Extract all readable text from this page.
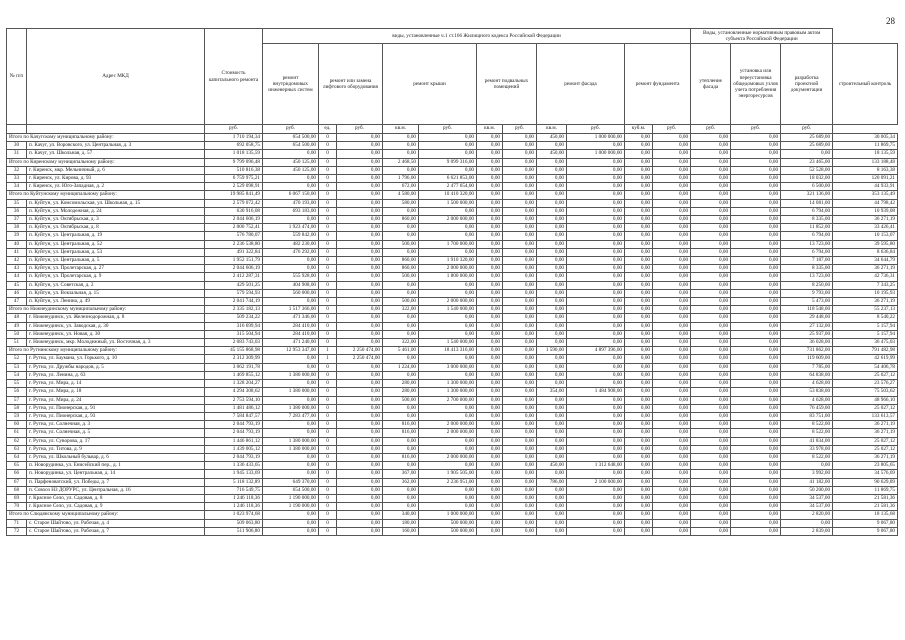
28
№ п/п	Адрес МКД	Стоимость капитального ремонта	виды, установленные ч.1 ст.166 Жилищного кодекса Российской Федерации											Виды, установленные нормативным правовым актом субъекта Российской Федерации			
			ремонт внутридомовых инженерных систем	ремонт или замена лифтового оборудования		ремонт крыши		ремонт подвальных помещений		ремонт фасада		ремонт фундамента		утепление фасада	установка или переустановка общедомовых узлов учета потребления энергоресурсов	разработка проектной документации	строительный контроль
		руб.	руб.	ед.	руб.	кв.м.	руб.	кв.м.	руб.	кв.м.	руб.	куб.м.	руб.	руб.	руб.	руб.	
Итого по Качугскому муниципальному району:		1 710 194,34	654 500,00	0	0,00	0,00	0,00	0,00	0,00	450,00	1 000 000,00	0,00	0,00	0,00	0,00	25 689,00	30 005,34
30	п. Качуг, ул. Воровского, ул. Центральная, д. 3	692 058,75	654 500,00	0	0,00	0,00	0,00	0,00	0,00	0,00	0,00	0,00	0,00	0,00	0,00	25 689,00	11 869,75
31	п. Качуг, ул. Школьная, д. 57	1 018 135,59	0,00	0	0,00	0,00	0,00	0,00	0,00	450,00	1 000 000,00	0,00	0,00	0,00	0,00	0,00	18 135,59
Итого по Киренскому муниципальному району:		9 799 096,48	450 125,00	0	0,00	2 468,50	9 099 316,00	0,00	0,00	0,00	0,00	0,00	0,00	0,00	0,00	23 465,00	133 188,48
32	г. Киренск, мкр. Мельничный, д. 6	510 816,38	450 125,00	0	0,00	0,00	0,00	0,00	0,00	0,00	0,00	0,00	0,00	0,00	0,00	52 528,00	8 163,38
33	г. Киренск, ул. Кирова, д. 93	6 759 975,21	0,00	0	0,00	1 796,00	6 621 853,00	0,00	0,00	0,00	0,00	0,00	0,00	0,00	0,00	18 032,00	120 091,21
34	г. Киренск, ул. Юго-Западная, д. 2	2 529 098,91	0,00	0	0,00	672,00	2 477 654,00	0,00	0,00	0,00	0,00	0,00	0,00	0,00	0,00	6 500,00	44 933,91
Итого по Куйтунскому муниципальному району:		19 985 841,49	6 067 150,00	0	0,00	4 580,00	10 410 320,00	0,00	0,00	0,00	0,00	0,00	0,00	0,00	0,00	321 136,00	353 135,49
35	п. Куйтун, ул. Комсомольская, ул. Школьная, д. 15	2 579 072,42	470 193,00	0	0,00	580,00	1 500 000,00	0,00	0,00	0,00	0,00	0,00	0,00	0,00	0,00	14 081,00	44 798,42
36	п. Куйтун, ул. Молодежная, д. 24	630 916,08	693 183,00	0	0,00	0,00	0,00	0,00	0,00	0,00	0,00	0,00	0,00	0,00	0,00	6 794,00	10 939,08
37	п. Куйтун, ул. Октябрьская, д. 3	2 044 606,19	0,00	0	0,00	860,00	2 000 000,00	0,00	0,00	0,00	0,00	0,00	0,00	0,00	0,00	8 335,00	36 271,19
38	п. Куйтун, ул. Октябрьская, д. 8	2 000 752,41	1 923 474,00	0	0,00	0,00	0,00	0,00	0,00	0,00	0,00	0,00	0,00	0,00	0,00	11 852,00	33 426,41
39	п. Куйтун, ул. Центральная, д. 19	576 780,07	559 842,00	0	0,00	0,00	0,00	0,00	0,00	0,00	0,00	0,00	0,00	0,00	0,00	6 794,00	10 153,07
40	п. Куйтун, ул. Центральная, д. 52	2 236 538,80	482 230,00	0	0,00	500,00	1 700 000,00	0,00	0,00	0,00	0,00	0,00	0,00	0,00	0,00	13 723,00	39 595,80
41	п. Куйтун, ул. Центральная, д. 53	491 322,84	476 292,00	0	0,00	0,00	0,00	0,00	0,00	0,00	0,00	0,00	0,00	0,00	0,00	6 794,00	8 636,84
42	п. Куйтун, ул. Центральная, д. 5	1 952 151,79	0,00	0	0,00	860,00	1 910 320,00	0,00	0,00	0,00	0,00	0,00	0,00	0,00	0,00	7 187,00	34 644,79
43	п. Куйтун, ул. Пролетарская, д. 27	2 044 606,19	0,00	0	0,00	860,00	2 000 000,00	0,00	0,00	0,00	0,00	0,00	0,00	0,00	0,00	8 335,00	36 271,19
44	п. Куйтун, ул. Пролетарская, д. 9	2 412 287,31	555 928,00	0	0,00	500,00	1 800 000,00	0,00	0,00	0,00	0,00	0,00	0,00	0,00	0,00	13 723,00	42 736,31
45	п. Куйтун, ул. Советская, д. 2	429 501,25	404 908,00	0	0,00	0,00	0,00	0,00	0,00	0,00	0,00	0,00	0,00	0,00	0,00	8 250,00	7 343,25
46	п. Куйтун, ул. Вокзальная, д. 15	579 594,93	560 000,00	0	0,00	0,00	0,00	0,00	0,00	0,00	0,00	0,00	0,00	0,00	0,00	9 793,00	10 195,93
47	п. Куйтун, ул. Ленина, д. 49	2 041 744,19	0,00	0	0,00	500,00	2 000 000,00	0,00	0,00	0,00	0,00	0,00	0,00	0,00	0,00	5 473,00	36 271,19
Итого по Нижнеудинскому муниципальному району:		2 335 182,13	1 517 366,00	0	0,00	322,00	1 540 000,00	0,00	0,00	0,00	0,00	0,00	0,00	0,00	0,00	118 548,00	55 237,13
48	г. Нижнеудинск, ул. Железнодорожная, д. 8	509 234,22	471 346,00	0	0,00	0,00	0,00	0,00	0,00	0,00	0,00	0,00	0,00	0,00	0,00	29 448,00	8 540,22
49	г. Нижнеудинск, ул. Заводская, д. 30	316 699,94	284 410,00	0	0,00	0,00	0,00	0,00	0,00	0,00	0,00	0,00	0,00	0,00	0,00	27 132,00	5 157,94
50	г. Нижнеудинск, ул. Новая, д. 30	315 504,94	284 410,00	0	0,00	0,00	0,00	0,00	0,00	0,00	0,00	0,00	0,00	0,00	0,00	25 937,00	5 157,94
51	г. Нижнеудинск, мкр. Молодежный, ул. Восточная, д. 3	2 083 743,03	471 240,00	0	0,00	322,00	1 540 000,00	0,00	0,00	0,00	0,00	0,00	0,00	0,00	0,00	36 028,00	36 475,03
Итого по Рутнинскому муниципальному району:		45 155 868,98	12 953 347,00	1	2 250 474,00	5 461,00	18 413 316,00	0,00	0,00	1 590,00	4 897 396,00	0,00	0,00	0,00	0,00	731 862,00	791 482,98
52	г. Рутна, ул. Баумана, ул. Горького, д. 10	2 312 309,99	0,00	1	2 250 474,00	0,00	0,00	0,00	0,00	0,00	0,00	0,00	0,00	0,00	0,00	119 609,00	42 619,99
53	г. Рутна, ул. Дружбы народов, д. 5	3 062 191,78	0,00	0	0,00	1 224,00	3 000 000,00	0,00	0,00	0,00	0,00	0,00	0,00	0,00	0,00	7 785,00	54 406,78
54	г. Рутна, ул. Ленина, д. 63	1 469 855,12	1 380 000,00	0	0,00	0,00	0,00	0,00	0,00	0,00	0,00	0,00	0,00	0,00	0,00	64 838,00	25 027,12
55	г. Рутна, ул. Мира, д. 14	1 328 204,27	0,00	0	0,00	280,00	1 300 000,00	0,00	0,00	0,00	0,00	0,00	0,00	0,00	0,00	4 628,00	23 576,27
56	г. Рутна, ул. Мира, д. 18	4 294 308,62	1 380 000,00	0	0,00	280,00	1 300 000,00	0,00	0,00	354,00	1 484 908,00	0,00	0,00	0,00	0,00	53 838,00	75 503,62
57	г. Рутна, ул. Мира, д. 24	2 753 594,10	0,00	0	0,00	500,00	2 700 000,00	0,00	0,00	0,00	0,00	0,00	0,00	0,00	0,00	4 628,00	48 966,10
58	г. Рутна, ул. Пионерская, д. 91	1 481 486,12	1 380 000,00	0	0,00	0,00	0,00	0,00	0,00	0,00	0,00	0,00	0,00	0,00	0,00	76 459,00	25 027,12
59	г. Рутна, ул. Пионерская, д. 93	7 584 847,57	7 283 477,00	0	0,00	0,00	0,00	0,00	0,00	0,00	0,00	0,00	0,00	0,00	0,00	83 751,00	133 613,57
60	г. Рутна, ул. Солнечная, д. 3	2 044 793,19	0,00	0	0,00	816,00	2 000 000,00	0,00	0,00	0,00	0,00	0,00	0,00	0,00	0,00	8 522,00	36 271,19
61	г. Рутна, ул. Солнечная, д. 5	2 044 793,19	0,00	0	0,00	816,00	2 000 000,00	0,00	0,00	0,00	0,00	0,00	0,00	0,00	0,00	8 522,00	36 271,19
62	г. Рутна, ул. Суворова, д. 17	1 446 861,12	1 380 000,00	0	0,00	0,00	0,00	0,00	0,00	0,00	0,00	0,00	0,00	0,00	0,00	41 834,00	25 027,12
63	г. Рутна, ул. Титова, д. 9	1 439 005,12	1 380 000,00	0	0,00	0,00	0,00	0,00	0,00	0,00	0,00	0,00	0,00	0,00	0,00	33 978,00	25 027,12
64	г. Рутна, ул. Школьный бульвар, д. 6	2 044 793,19	0,00	0	0,00	816,00	2 000 000,00	0,00	0,00	0,00	0,00	0,00	0,00	0,00	0,00	8 522,00	36 271,19
65	п. Новорудинка, ул. Енисейский пер., д. 1	1 336 433,65	0,00	0	0,00	0,00	0,00	0,00	0,00	450,00	1 312 648,00	0,00	0,00	0,00	0,00	0,00	23 805,65
66	п. Новорудинка, ул. Центральная, д. 14	1 945 133,69	0,00	0	0,00	367,00	1 905 505,00	0,00	0,00	0,00	0,00	0,00	0,00	0,00	0,00	3 992,00	34 576,69
67	п. Парфеноватский, ул. Победы, д. 7	5 118 132,89	649 370,00	0	0,00	362,00	2 236 951,00	0,00	0,00	786,00	2 100 000,00	0,00	0,00	0,00	0,00	41 182,00	90 629,89
68	п. Совхоз НЗ ДОРУРС, ул. Центральная, д. 16	716 549,75	654 500,00	0	0,00	0,00	0,00	0,00	0,00	0,00	0,00	0,00	0,00	0,00	0,00	50 200,00	11 869,75
69	г. Красное Село, ул. Садовая, д. 8	1 246 118,36	1 190 000,00	0	0,00	0,00	0,00	0,00	0,00	0,00	0,00	0,00	0,00	0,00	0,00	34 537,00	21 581,36
70	г. Красное Село, ул. Садовая, д. 9	1 246 118,36	1 190 000,00	0	0,00	0,00	0,00	0,00	0,00	0,00	0,00	0,00	0,00	0,00	0,00	34 537,00	21 581,36
Итого по Слюдянскому муниципальному району:		1 023 974,68	0,00	0	0,00	340,00	1 000 000,00	0,00	0,00	0,00	0,00	0,00	0,00	0,00	0,00	2 820,00	18 135,68
71	с. Старое Шайтово, ул. Рабочая, д. 4	509 063,80	0,00	0	0,00	180,00	500 000,00	0,00	0,00	0,00	0,00	0,00	0,00	0,00	0,00	0,00	9 067,80
72	с. Старое Шайтово, ул. Рабочая, д. 7	511 906,80	0,00	0	0,00	160,00	500 000,00	0,00	0,00	0,00	0,00	0,00	0,00	0,00	0,00	2 839,00	9 067,80
